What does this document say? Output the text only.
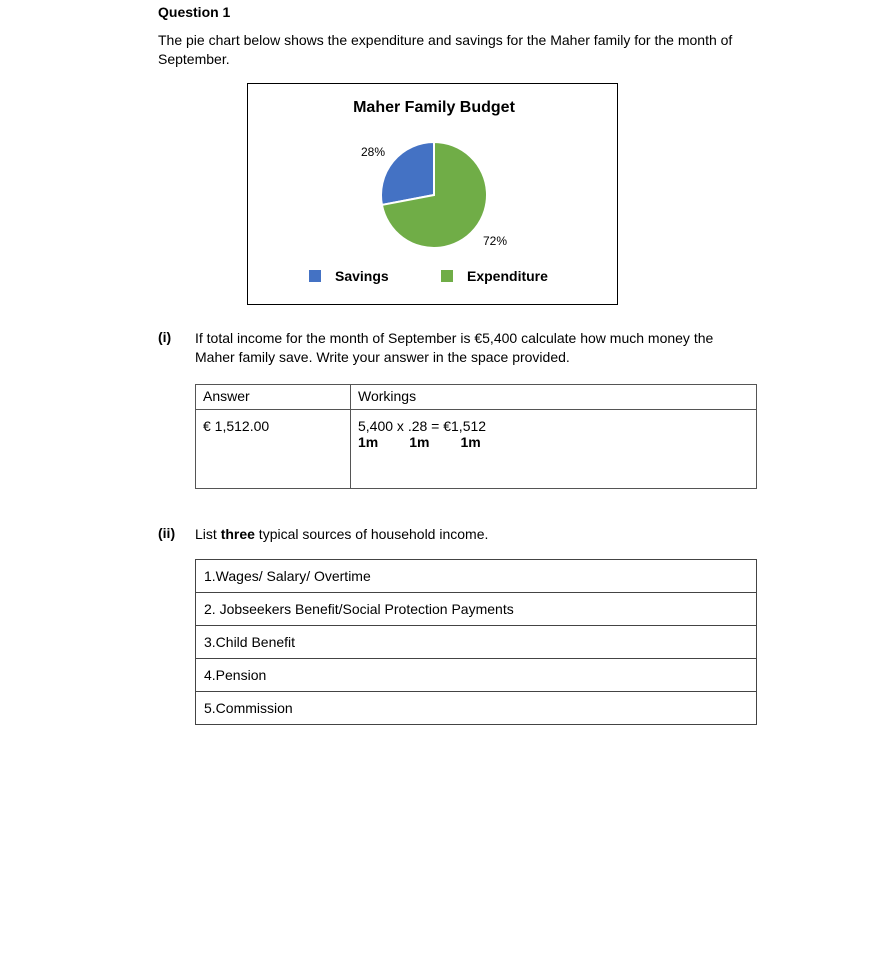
Question 1
The pie chart below shows the expenditure and savings for the Maher family for the month of September.
Maher Family Budget
28%
72%
Savings	Expenditure
(i) If total income for the month of September is €5,400 calculate how much money the Maher family save. Write your answer in the space provided.
Answer	Workings

€ 1,512.00	5,400 x .28 = €1,512
1m 1m 1m
(ii) List three typical sources of household income.
1.Wages/ Salary/ Overtime
2. Jobseekers Benefit/Social Protection Payments
3.Child Benefit
4.Pension
5.Commission
